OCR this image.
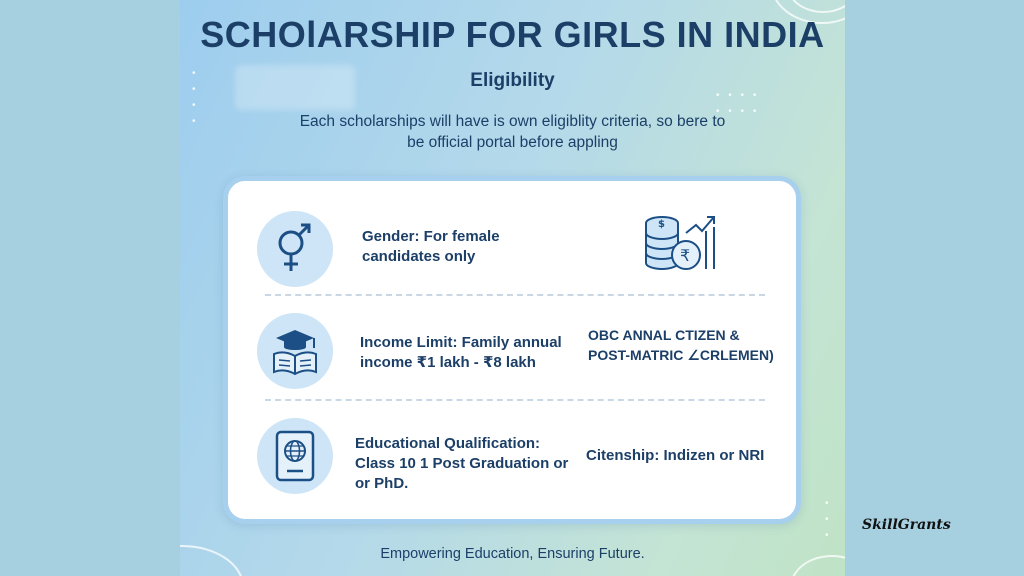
•

•

•

•
• • • •

• • • •
•

•

•
SCHOlARSHIP FOR GIRLS IN INDIA
Eligibility
Each scholarships will have is own eligiblity criteria, so bere to
be official portal before appling
Gender: For female
candidates only
$
₹
Income Limit: Family annual
income ₹1 lakh - ₹8 lakh
OBC ANNAL CTIZEN &
POST-MATRIC ∠CRLEMEN)
Educational Qualification:
Class 10 1 Post Graduation or
or PhD.
Citenship: Indizen or NRI
Empowering Education, Ensuring Future.
SkillGrants
